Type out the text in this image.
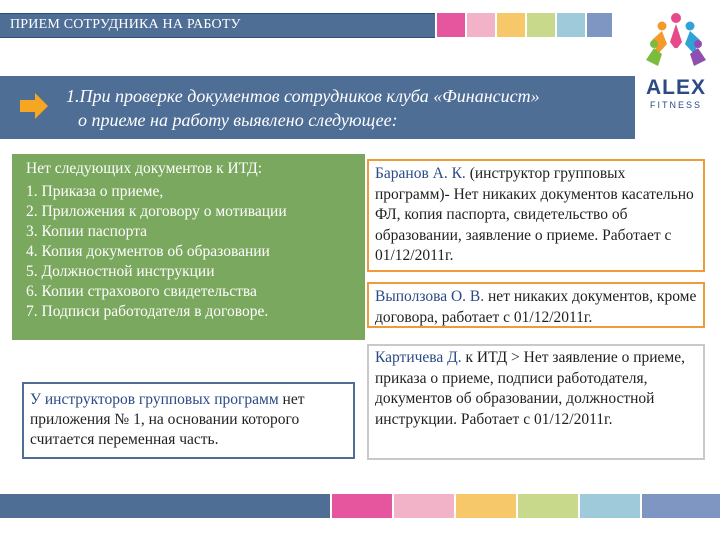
ПРИЕМ СОТРУДНИКА НА РАБОТУ
ALEX
FITNESS
1.При проверке документов сотрудников клуба «Финансист»
о приеме на работу выявлено следующее:
Нет следующих документов к ИТД:
1. Приказа о приеме,
2. Приложения к договору о мотивации
3. Копии паспорта
4. Копия документов об образовании
5. Должностной инструкции
6. Копии страхового свидетельства
7. Подписи работодателя в договоре.
У инструкторов групповых программ нет приложения № 1, на основании которого считается переменная часть.
Баранов А. К. (инструктор групповых программ)- Нет никаких документов касательно ФЛ, копия паспорта, свидетельство об образовании, заявление о приеме. Работает с 01/12/2011г.
Выползова О. В. нет никаких документов, кроме договора, работает с 01/12/2011г.
Картичева Д. к ИТД > Нет заявление о приеме, приказа о приеме, подписи работодателя, документов об образовании, должностной инструкции. Работает с 01/12/2011г.
